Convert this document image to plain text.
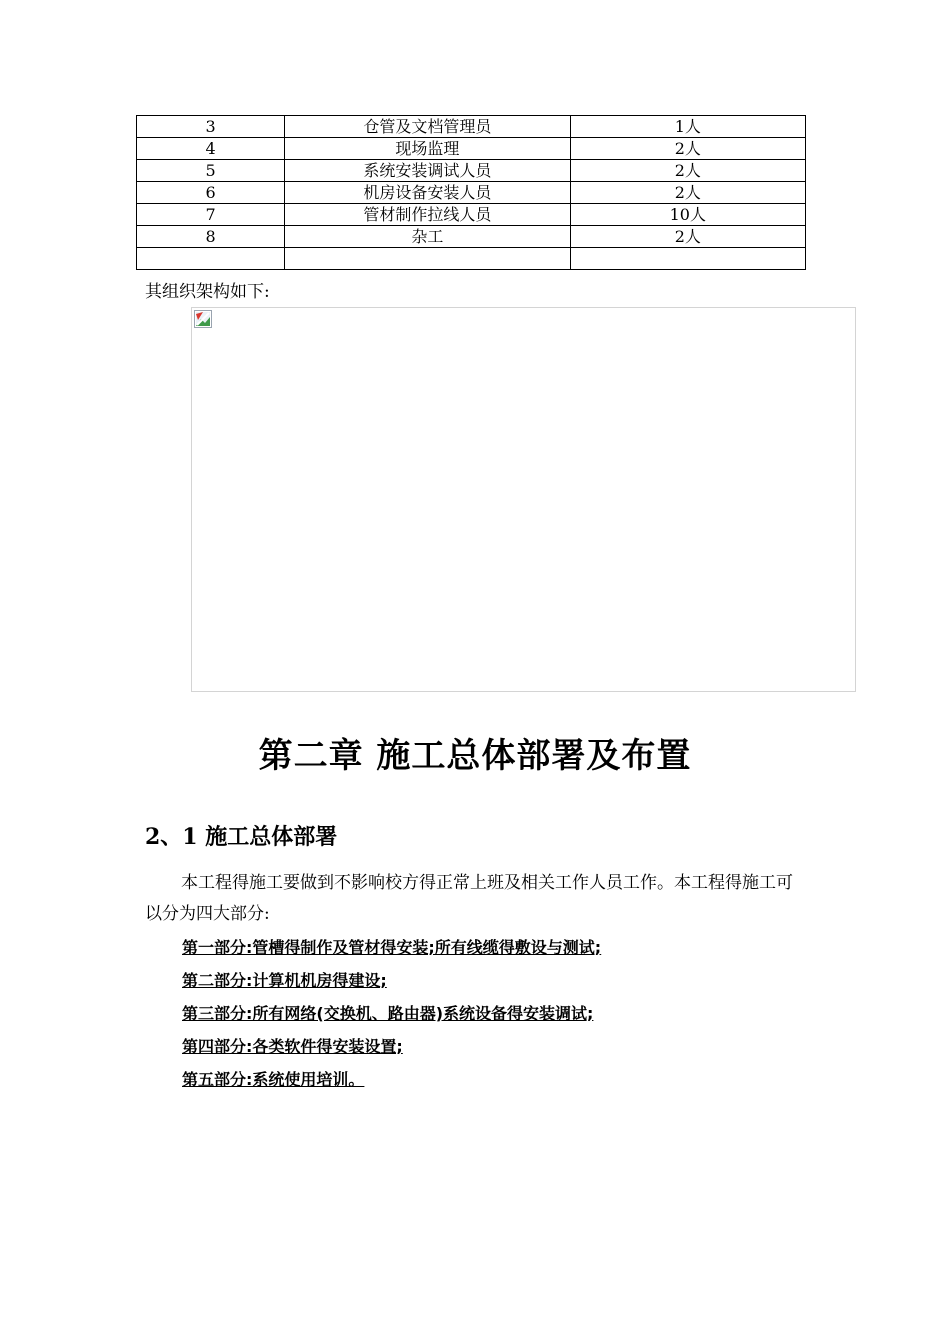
3	仓管及文档管理员	1人
4	现场监理	2人
5	系统安装调试人员	2人
6	机房设备安装人员	2人
7	管材制作拉线人员	10人
8	杂工	2人

其组织架构如下:
第二章 施工总体部署及布置
2、1 施工总体部署
本工程得施工要做到不影响校方得正常上班及相关工作人员工作。本工程得施工可以分为四大部分:
第一部分:管槽得制作及管材得安装;所有线缆得敷设与测试;
第二部分:计算机机房得建设;
第三部分:所有网络(交换机、路由器)系统设备得安装调试;
第四部分:各类软件得安装设置;
第五部分:系统使用培训。
